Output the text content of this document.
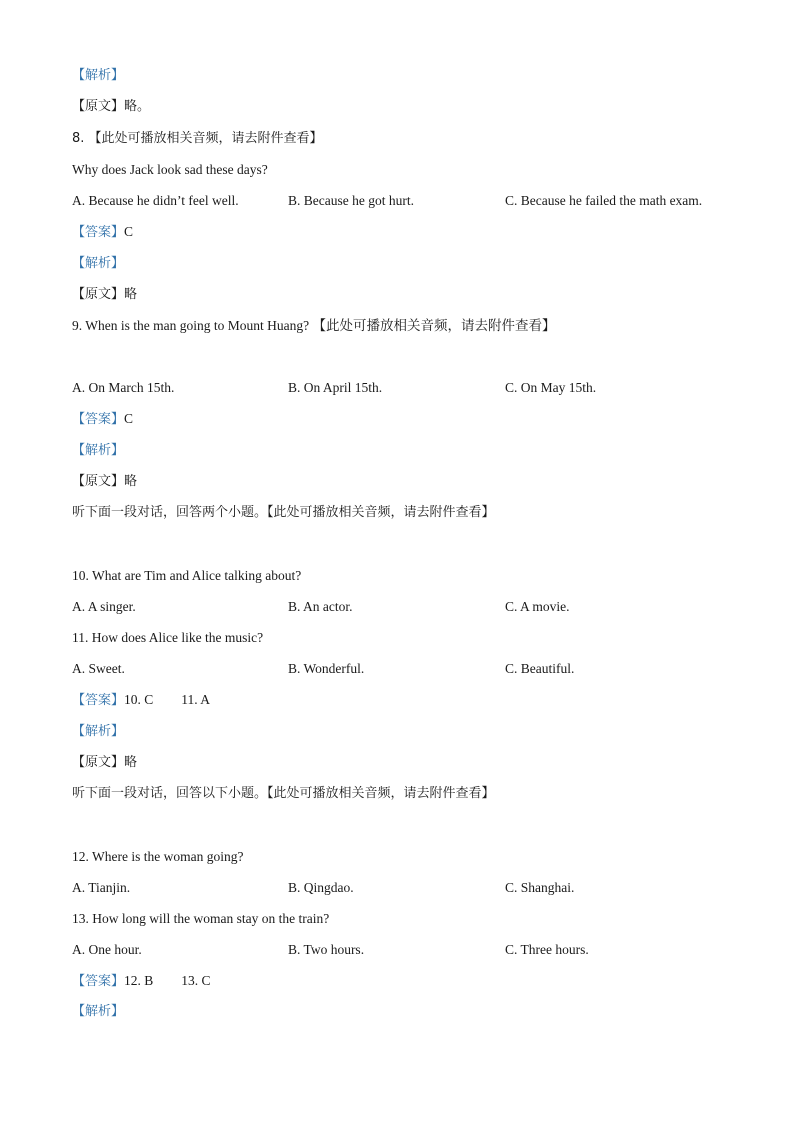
【解析】
【原文】略。
8. 【此处可播放相关音频，请去附件查看】
Why does Jack look sad these days?
A. Because he didn’t feel well.	B. Because he got hurt.	C. Because he failed the math exam.
【答案】C
【解析】
【原文】略
9. When is the man going to Mount Huang? 【此处可播放相关音频，请去附件查看】
A. On March 15th.	B. On April 15th.	C. On May 15th.
【答案】C
【解析】
【原文】略
听下面一段对话，回答两个小题。【此处可播放相关音频，请去附件查看】
10. What are Tim and Alice talking about?
A. A singer.	B. An actor.	C. A movie.
11. How does Alice like the music?
A. Sweet.	B. Wonderful.	C. Beautiful.
【答案】10. C 11. A
【解析】
【原文】略
听下面一段对话，回答以下小题。【此处可播放相关音频，请去附件查看】
12. Where is the woman going?
A. Tianjin.	B. Qingdao.	C. Shanghai.
13. How long will the woman stay on the train?
A. One hour.	B. Two hours.	C. Three hours.
【答案】12. B 13. C
【解析】
